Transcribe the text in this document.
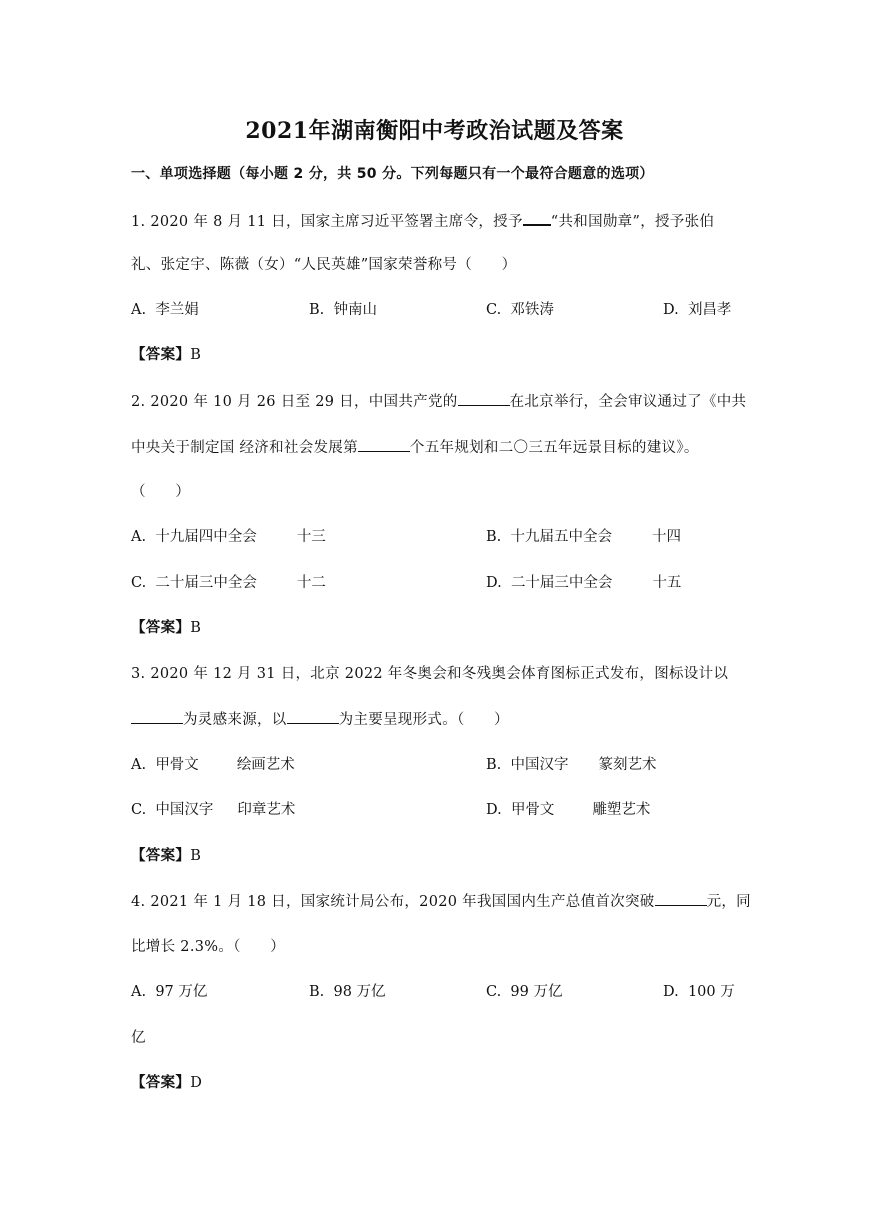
2021年湖南衡阳中考政治试题及答案
一、单项选择题（每小题 2 分，共 50 分。下列每题只有一个最符合题意的选项）
1. 2020 年 8 月 11 日，国家主席习近平签署主席令，授予 “共和国勋章”，授予张伯
礼、张定宇、陈薇（女）“人民英雄”国家荣誉称号（　　）
A. 李兰娟	B. 钟南山	C. 邓铁涛	D. 刘昌孝
【答案】B
2. 2020 年 10 月 26 日至 29 日，中国共产党的	在北京举行，全会审议通过了《中共
中央关于制定国 经济和社会发展第	个五年规划和二〇三五年远景目标的建议》。
（　　）
A. 十九届四中全会	十三	B. 十九届五中全会	十四
C. 二十届三中全会	十二	D. 二十届三中全会	十五
【答案】B
3. 2020 年 12 月 31 日，北京 2022 年冬奥会和冬残奥会体育图标正式发布，图标设计以
为灵感来源，以	为主要呈现形式。（　　）
A. 甲骨文	绘画艺术	B. 中国汉字 篆刻艺术
C. 中国汉字 印章艺术	D. 甲骨文	雕塑艺术
【答案】B
4. 2021 年 1 月 18 日，国家统计局公布，2020 年我国国内生产总值首次突破	元，同
比增长 2.3%。（　　）
A. 97 万亿	B. 98 万亿	C. 99 万亿	D. 100 万
亿
【答案】D
